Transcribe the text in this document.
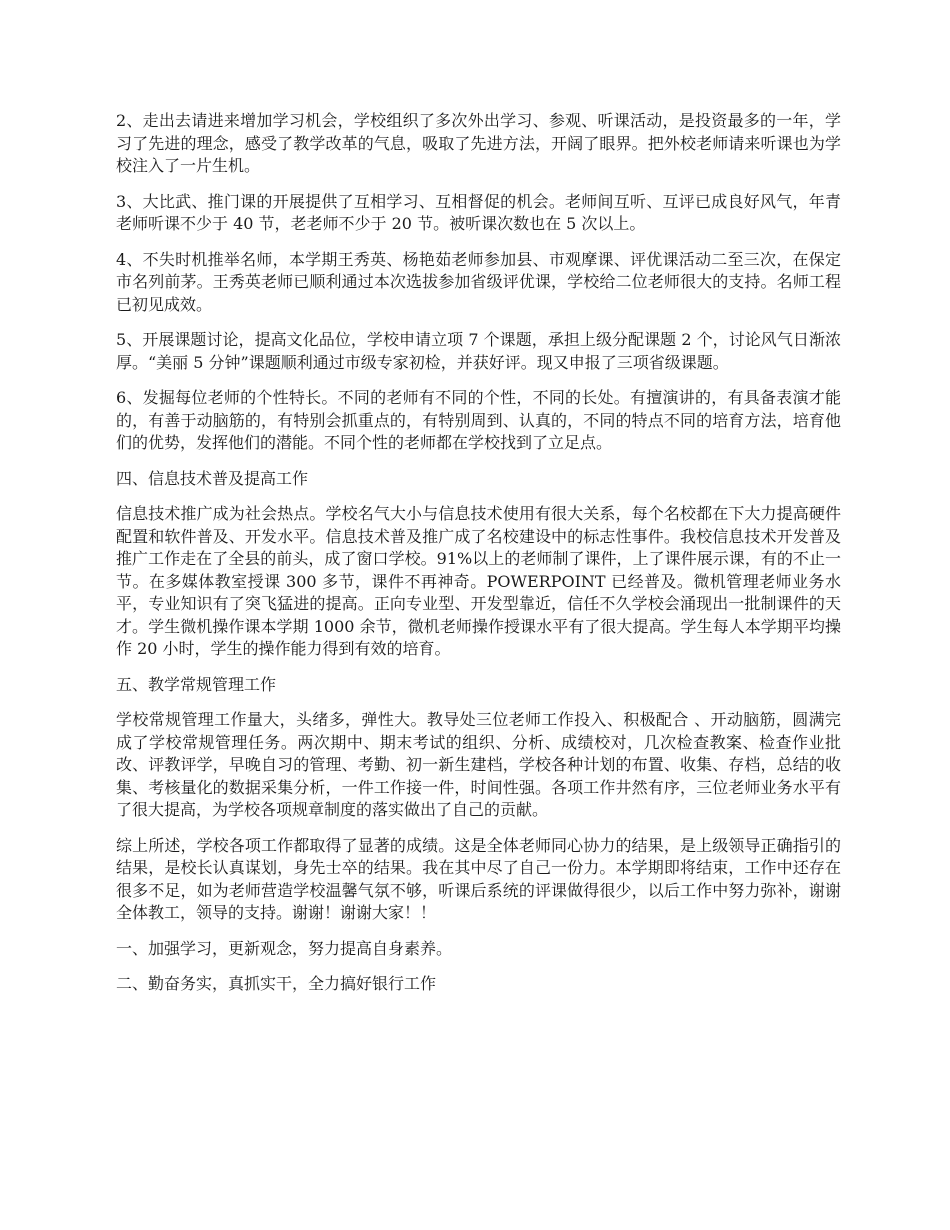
2、走出去请进来增加学习机会，学校组织了多次外出学习、参观、听课活动，是投资最多的一年，学习了先进的理念，感受了教学改革的气息，吸取了先进方法，开阔了眼界。把外校老师请来听课也为学校注入了一片生机。

3、大比武、推门课的开展提供了互相学习、互相督促的机会。老师间互听、互评已成良好风气，年青老师听课不少于 40 节，老老师不少于 20 节。被听课次数也在 5 次以上。

4、不失时机推举名师，本学期王秀英、杨艳茹老师参加县、市观摩课、评优课活动二至三次，在保定市名列前茅。王秀英老师已顺利通过本次选拔参加省级评优课，学校给二位老师很大的支持。名师工程已初见成效。

5、开展课题讨论，提高文化品位，学校申请立项 7 个课题，承担上级分配课题 2 个，讨论风气日渐浓厚。“美丽 5 分钟”课题顺利通过市级专家初检，并获好评。现又申报了三项省级课题。

6、发掘每位老师的个性特长。不同的老师有不同的个性，不同的长处。有擅演讲的，有具备表演才能的，有善于动脑筋的，有特别会抓重点的，有特别周到、认真的，不同的特点不同的培育方法，培育他们的优势，发挥他们的潜能。不同个性的老师都在学校找到了立足点。

四、信息技术普及提高工作

信息技术推广成为社会热点。学校名气大小与信息技术使用有很大关系，每个名校都在下大力提高硬件配置和软件普及、开发水平。信息技术普及推广成了名校建设中的标志性事件。我校信息技术开发普及推广工作走在了全县的前头，成了窗口学校。91%以上的老师制了课件，上了课件展示课，有的不止一节。在多媒体教室授课 300 多节，课件不再神奇。POWERPOINT 已经普及。微机管理老师业务水平，专业知识有了突飞猛进的提高。正向专业型、开发型靠近，信任不久学校会涌现出一批制课件的天才。学生微机操作课本学期 1000 余节，微机老师操作授课水平有了很大提高。学生每人本学期平均操作 20 小时，学生的操作能力得到有效的培育。

五、教学常规管理工作

学校常规管理工作量大，头绪多，弹性大。教导处三位老师工作投入、积极配合 、开动脑筋，圆满完成了学校常规管理任务。两次期中、期末考试的组织、分析、成绩校对，几次检查教案、检查作业批改、评教评学，早晚自习的管理、考勤、初一新生建档，学校各种计划的布置、收集、存档，总结的收集、考核量化的数据采集分析，一件工作接一件，时间性强。各项工作井然有序，三位老师业务水平有了很大提高，为学校各项规章制度的落实做出了自己的贡献。

综上所述，学校各项工作都取得了显著的成绩。这是全体老师同心协力的结果，是上级领导正确指引的结果，是校长认真谋划，身先士卒的结果。我在其中尽了自己一份力。本学期即将结束，工作中还存在很多不足，如为老师营造学校温馨气氛不够，听课后系统的评课做得很少，以后工作中努力弥补，谢谢全体教工，领导的支持。谢谢！谢谢大家！！

一、加强学习，更新观念，努力提高自身素养。

二、勤奋务实，真抓实干，全力搞好银行工作
